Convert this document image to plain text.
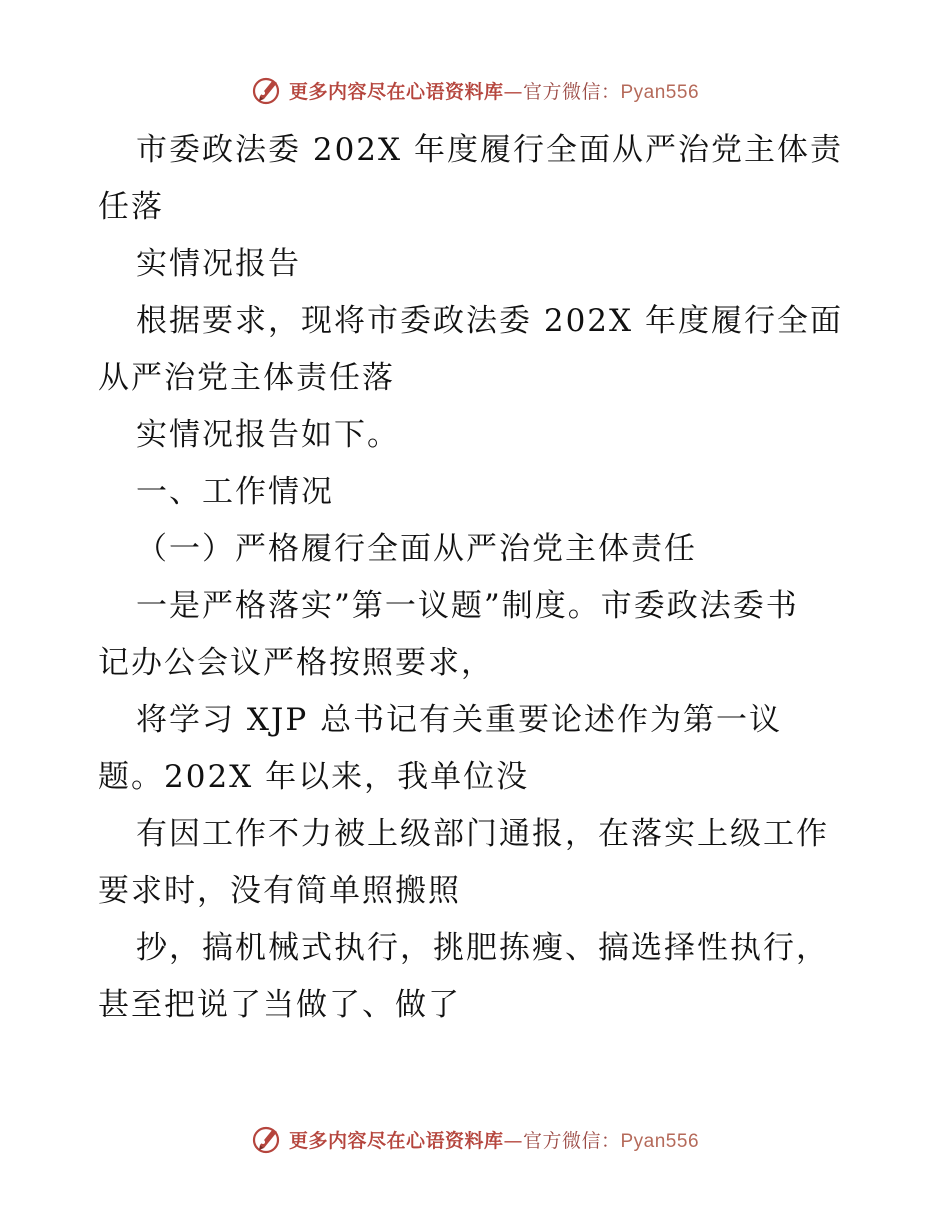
更多内容尽在心语资料库—官方微信：Pyan556
市委政法委 202X 年度履行全面从严治党主体责
任落
实情况报告
根据要求，现将市委政法委 202X 年度履行全面
从严治党主体责任落
实情况报告如下。
一、工作情况
（一）严格履行全面从严治党主体责任
一是严格落实”第一议题”制度。市委政法委书
记办公会议严格按照要求，
将学习 XJP 总书记有关重要论述作为第一议
题。202X 年以来，我单位没
有因工作不力被上级部门通报，在落实上级工作
要求时，没有简单照搬照
抄，搞机械式执行，挑肥拣瘦、搞选择性执行，
甚至把说了当做了、做了
更多内容尽在心语资料库—官方微信：Pyan556
